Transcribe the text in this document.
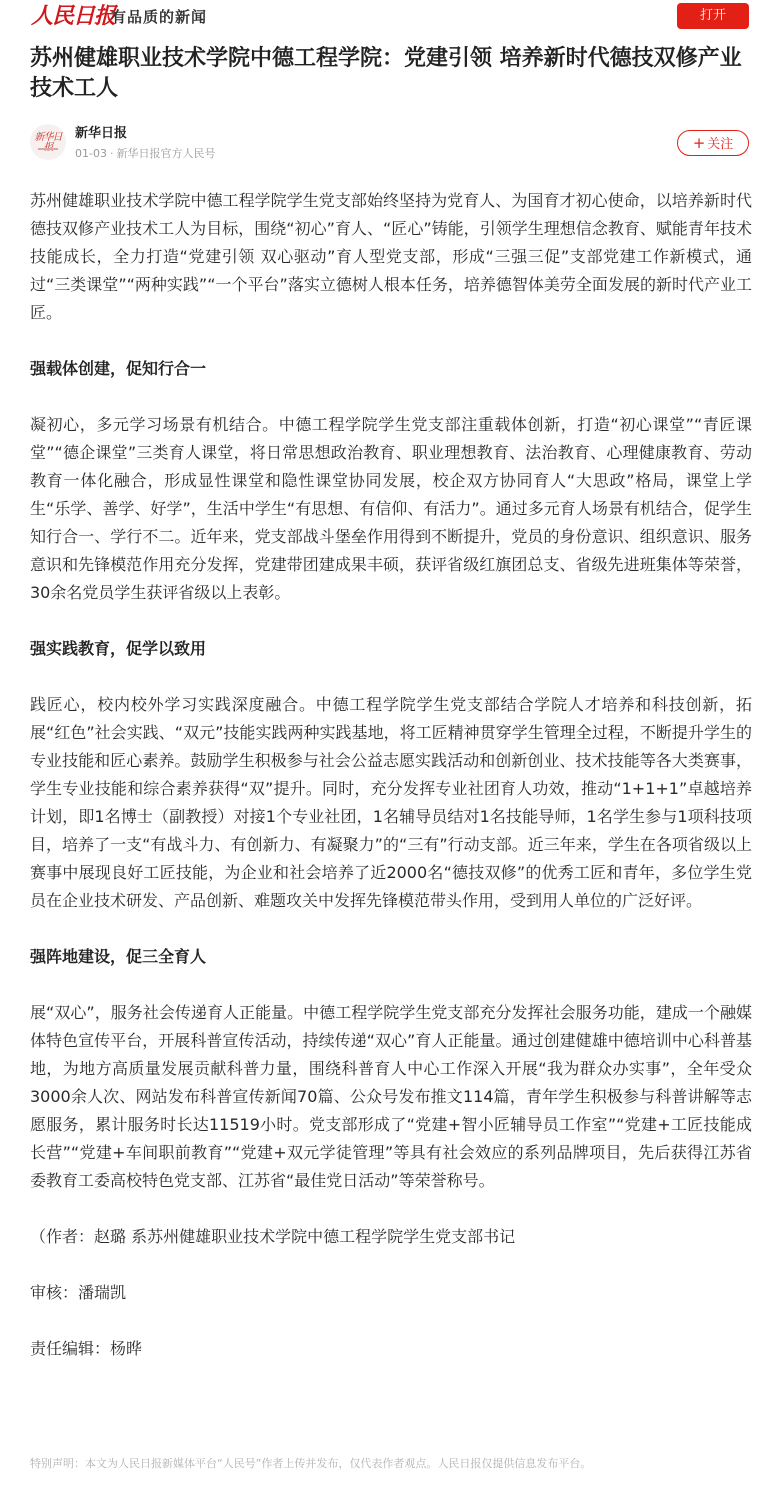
人民日报
有品质的新闻	打开
苏州健雄职业技术学院中德工程学院：党建引领 培养新时代德技双修产业技术工人
新华日 新华日报
01-03 · 新华日报官方人民号
+ 关注

苏州健雄职业技术学院中德工程学院学生党支部始终坚持为党育人、为国育才初心使命，以培养新时代德技双修产业技术工人为目标，围绕“初心”育人、“匠心”铸能，引领学生理想信念教育、赋能青年技术技能成长，全力打造“党建引领 双心驱动”育人型党支部，形成“三强三促”支部党建工作新模式，通过“三类课堂”“两种实践”“一个平台”落实立德树人根本任务，培养德智体美劳全面发展的新时代产业工匠。

强载体创建，促知行合一

凝初心，多元学习场景有机结合。中德工程学院学生党支部注重载体创新，打造“初心课堂”“青匠课堂”“德企课堂”三类育人课堂，将日常思想政治教育、职业理想教育、法治教育、心理健康教育、劳动教育一体化融合，形成显性课堂和隐性课堂协同发展，校企双方协同育人“大思政”格局，课堂上学生“乐学、善学、好学”，生活中学生“有思想、有信仰、有活力”。通过多元育人场景有机结合，促学生知行合一、学行不二。近年来，党支部战斗堡垒作用得到不断提升，党员的身份意识、组织意识、服务意识和先锋模范作用充分发挥，党建带团建成果丰硕，获评省级红旗团总支、省级先进班集体等荣誉，30余名党员学生获评省级以上表彰。

强实践教育，促学以致用

践匠心，校内校外学习实践深度融合。中德工程学院学生党支部结合学院人才培养和科技创新，拓展“红色”社会实践、“双元”技能实践两种实践基地，将工匠精神贯穿学生管理全过程，不断提升学生的专业技能和匠心素养。鼓励学生积极参与社会公益志愿实践活动和创新创业、技术技能等各大类赛事，学生专业技能和综合素养获得“双”提升。同时，充分发挥专业社团育人功效，推动“1+1+1”卓越培养计划，即1名博士（副教授）对接1个专业社团，1名辅导员结对1名技能导师，1名学生参与1项科技项目，培养了一支“有战斗力、有创新力、有凝聚力”的“三有”行动支部。近三年来，学生在各项省级以上赛事中展现良好工匠技能，为企业和社会培养了近2000名“德技双修”的优秀工匠和青年，多位学生党员在企业技术研发、产品创新、难题攻关中发挥先锋模范带头作用，受到用人单位的广泛好评。

强阵地建设，促三全育人

展“双心”，服务社会传递育人正能量。中德工程学院学生党支部充分发挥社会服务功能，建成一个融媒体特色宣传平台，开展科普宣传活动，持续传递“双心”育人正能量。通过创建健雄中德培训中心科普基地，为地方高质量发展贡献科普力量，围绕科普育人中心工作深入开展“我为群众办实事”，全年受众3000余人次、网站发布科普宣传新闻70篇、公众号发布推文114篇，青年学生积极参与科普讲解等志愿服务，累计服务时长达11519小时。党支部形成了“党建+智小匠辅导员工作室”“党建+工匠技能成长营”“党建+车间职前教育”“党建+双元学徒管理”等具有社会效应的系列品牌项目，先后获得江苏省委教育工委高校特色党支部、江苏省“最佳党日活动”等荣誉称号。

（作者：赵璐 系苏州健雄职业技术学院中德工程学院学生党支部书记

审核：潘瑞凯

责任编辑：杨晔

特别声明：本文为人民日报新媒体平台“人民号”作者上传并发布，仅代表作者观点。人民日报仅提供信息发布平台。
